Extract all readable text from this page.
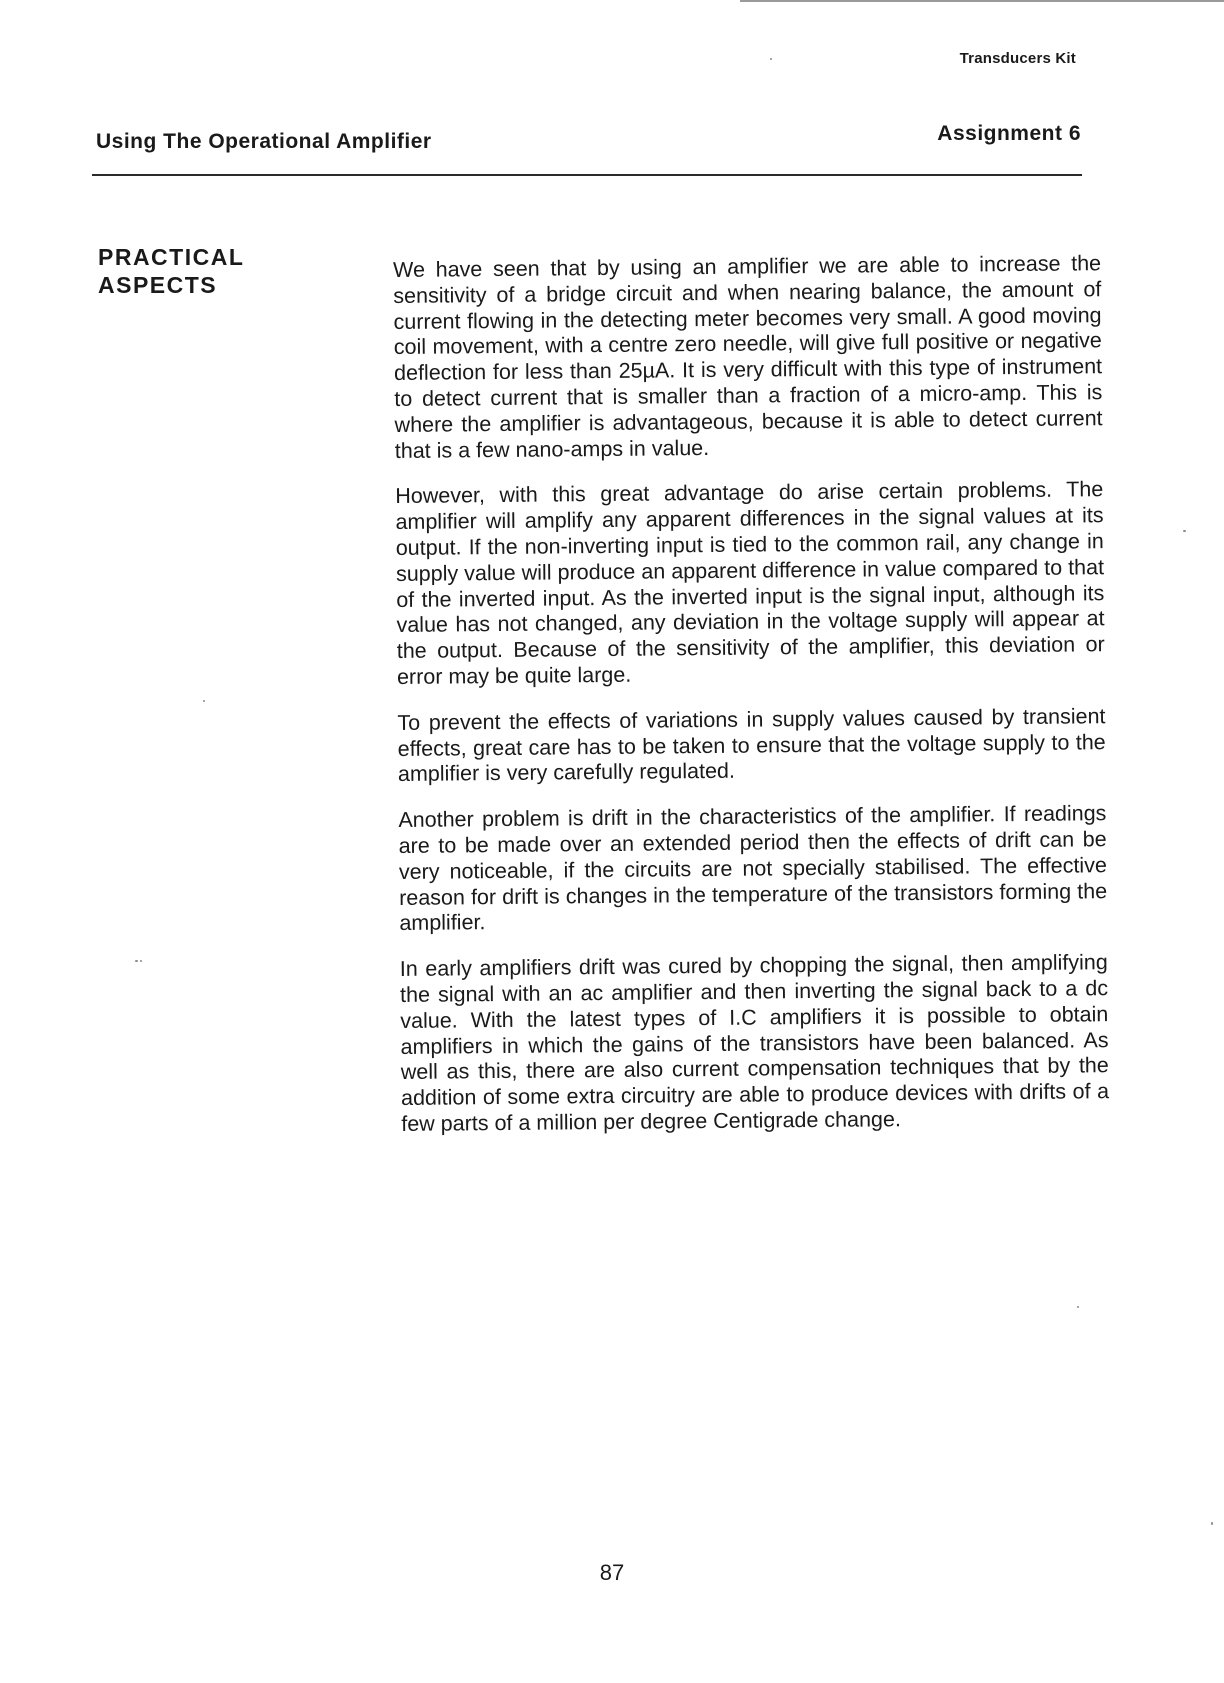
Transducers Kit
Using The Operational Amplifier	Assignment 6
PRACTICAL
ASPECTS

We have seen that by using an amplifier we are able to increase the sensitivity of a bridge circuit and when nearing balance, the amount of current flowing in the detecting meter becomes very small. A good moving coil movement, with a centre zero needle, will give full positive or negative deflection for less than 25µA. It is very difficult with this type of instrument to detect current that is smaller than a fraction of a micro-amp. This is where the amplifier is advantageous, because it is able to detect current that is a few nano-amps in value.

However, with this great advantage do arise certain problems. The amplifier will amplify any apparent differences in the signal values at its output. If the non-inverting input is tied to the common rail, any change in supply value will produce an apparent difference in value compared to that of the inverted input. As the inverted input is the signal input, although its value has not changed, any deviation in the voltage supply will appear at the output. Because of the sensitivity of the amplifier, this deviation or error may be quite large.

To prevent the effects of variations in supply values caused by transient effects, great care has to be taken to ensure that the voltage supply to the amplifier is very carefully regulated.

Another problem is drift in the characteristics of the amplifier. If readings are to be made over an extended period then the effects of drift can be very noticeable, if the circuits are not specially stabilised. The effective reason for drift is changes in the temperature of the transistors forming the amplifier.

In early amplifiers drift was cured by chopping the signal, then amplifying the signal with an ac amplifier and then inverting the signal back to a dc value. With the latest types of I.C amplifiers it is possible to obtain amplifiers in which the gains of the transistors have been balanced. As well as this, there are also current compensation techniques that by the addition of some extra circuitry are able to produce devices with drifts of a few parts of a million per degree Centigrade change.

87
